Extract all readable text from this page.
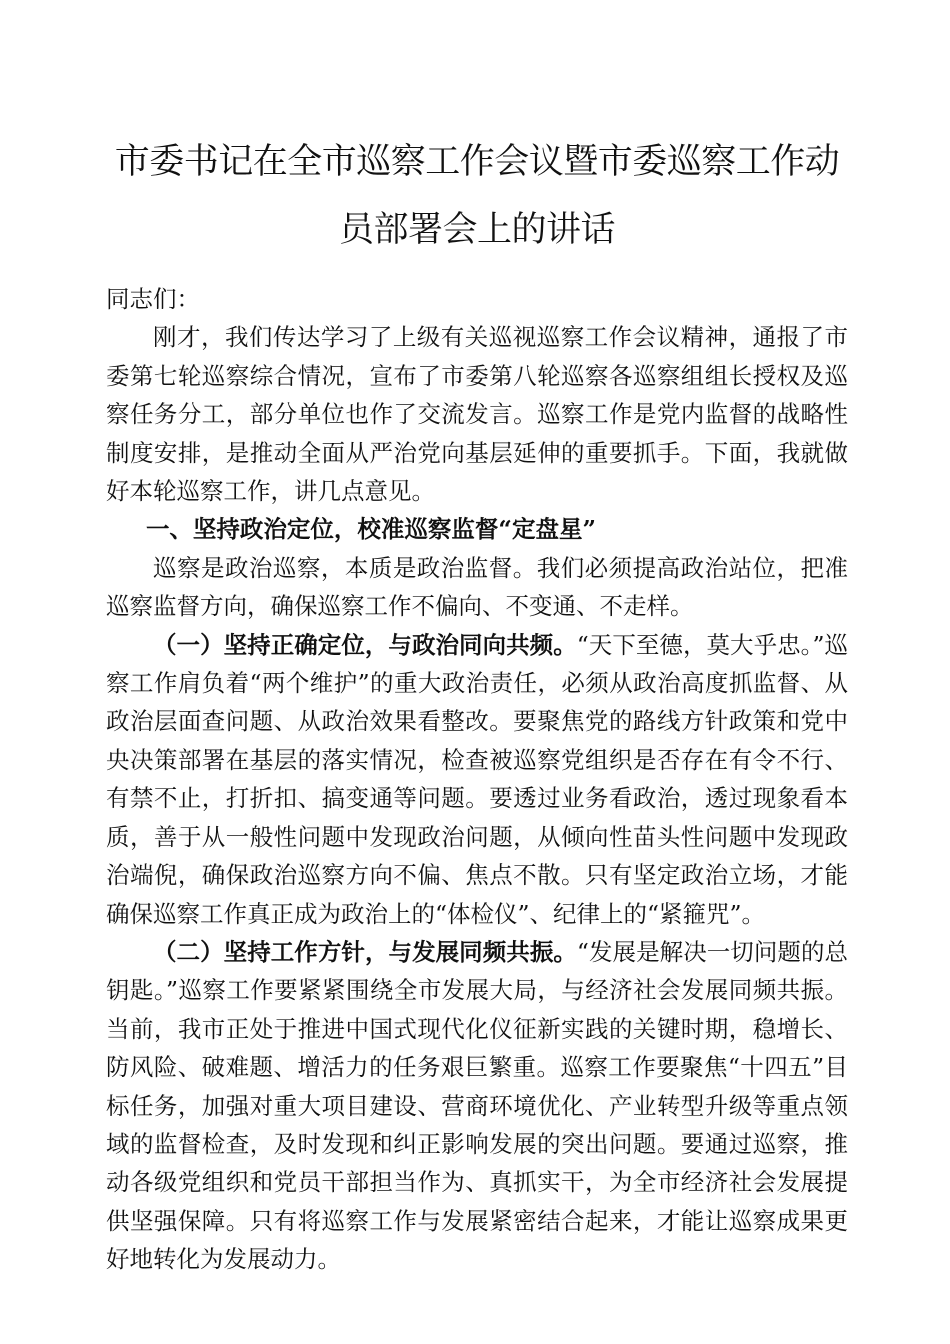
市委书记在全市巡察工作会议暨市委巡察工作动
员部署会上的讲话

同志们：

刚才，我们传达学习了上级有关巡视巡察工作会议精神，通报了市委第七轮巡察综合情况，宣布了市委第八轮巡察各巡察组组长授权及巡察任务分工，部分单位也作了交流发言。巡察工作是党内监督的战略性制度安排，是推动全面从严治党向基层延伸的重要抓手。下面，我就做好本轮巡察工作，讲几点意见。

一、坚持政治定位，校准巡察监督“定盘星”

巡察是政治巡察，本质是政治监督。我们必须提高政治站位，把准巡察监督方向，确保巡察工作不偏向、不变通、不走样。

（一）坚持正确定位，与政治同向共频。“天下至德，莫大乎忠。”巡察工作肩负着“两个维护”的重大政治责任，必须从政治高度抓监督、从政治层面查问题、从政治效果看整改。要聚焦党的路线方针政策和党中央决策部署在基层的落实情况，检查被巡察党组织是否存在有令不行、有禁不止，打折扣、搞变通等问题。要透过业务看政治，透过现象看本质，善于从一般性问题中发现政治问题，从倾向性苗头性问题中发现政治端倪，确保政治巡察方向不偏、焦点不散。只有坚定政治立场，才能确保巡察工作真正成为政治上的“体检仪”、纪律上的“紧箍咒”。

（二）坚持工作方针，与发展同频共振。“发展是解决一切问题的总钥匙。”巡察工作要紧紧围绕全市发展大局，与经济社会发展同频共振。当前，我市正处于推进中国式现代化仪征新实践的关键时期，稳增长、防风险、破难题、增活力的任务艰巨繁重。巡察工作要聚焦“十四五”目标任务，加强对重大项目建设、营商环境优化、产业转型升级等重点领域的监督检查，及时发现和纠正影响发展的突出问题。要通过巡察，推动各级党组织和党员干部担当作为、真抓实干，为全市经济社会发展提供坚强保障。只有将巡察工作与发展紧密结合起来，才能让巡察成果更好地转化为发展动力。
